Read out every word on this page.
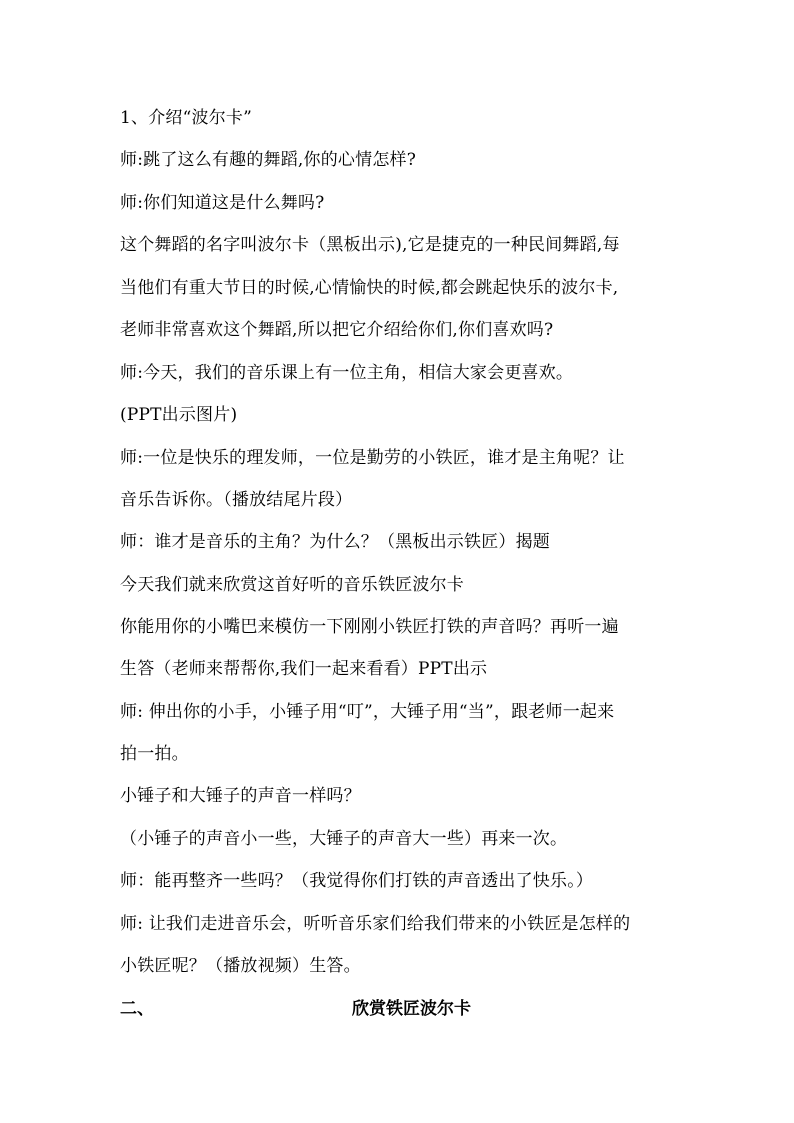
1、介绍“波尔卡”
师:跳了这么有趣的舞蹈,你的心情怎样?
师:你们知道这是什么舞吗?
这个舞蹈的名字叫波尔卡（黑板出示),它是捷克的一种民间舞蹈,每
当他们有重大节日的时候,心情愉快的时候,都会跳起快乐的波尔卡,
老师非常喜欢这个舞蹈,所以把它介绍给你们,你们喜欢吗?
师:今天，我们的音乐课上有一位主角，相信大家会更喜欢。
(PPT出示图片)
师:一位是快乐的理发师，一位是勤劳的小铁匠，谁才是主角呢？让
音乐告诉你。（播放结尾片段）
师：谁才是音乐的主角？为什么？（黑板出示铁匠）揭题
今天我们就来欣赏这首好听的音乐铁匠波尔卡
你能用你的小嘴巴来模仿一下刚刚小铁匠打铁的声音吗？再听一遍
生答（老师来帮帮你,我们一起来看看）PPT出示
师: 伸出你的小手，小锤子用“叮”，大锤子用“当”，跟老师一起来
拍一拍。
小锤子和大锤子的声音一样吗？
（小锤子的声音小一些，大锤子的声音大一些）再来一次。
师：能再整齐一些吗？（我觉得你们打铁的声音透出了快乐。）
师: 让我们走进音乐会，听听音乐家们给我们带来的小铁匠是怎样的
小铁匠呢？（播放视频）生答。
二、	欣赏铁匠波尔卡
